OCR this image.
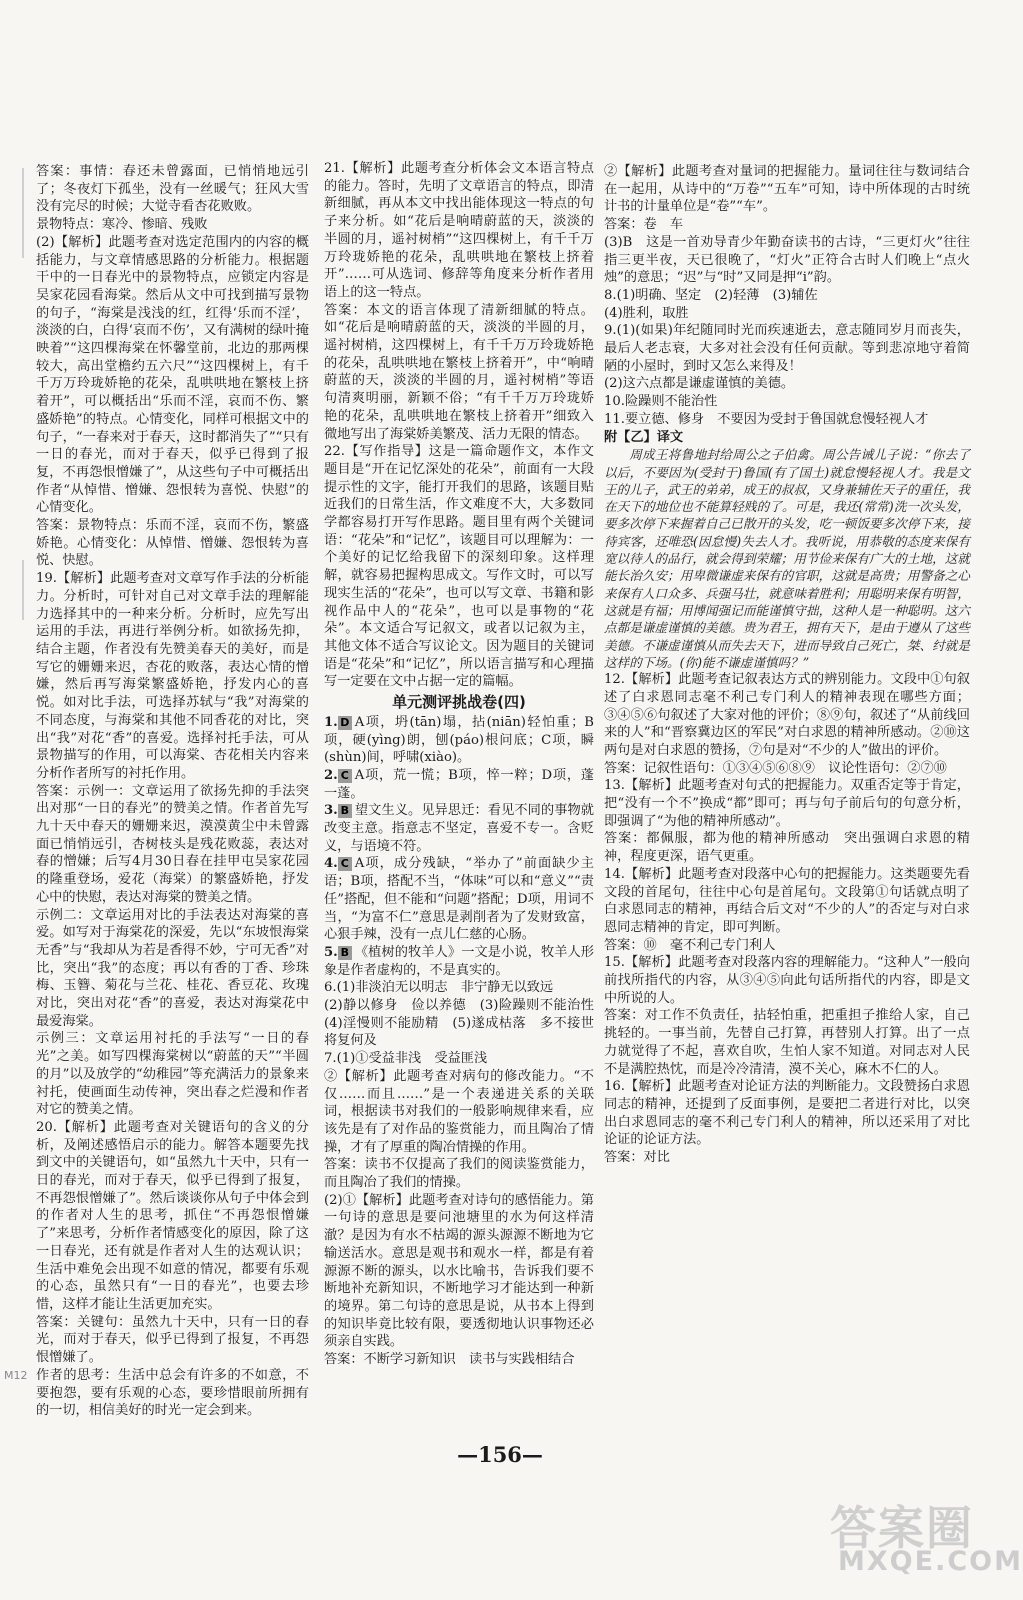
答案：事情：春还未曾露面，已悄悄地远引了；冬夜灯下孤坐，没有一丝暖气；狂风大雪没有完尽的时候；大觉寺看杏花败败。

景物特点：寒冷、惨暗、残败

(2)【解析】此题考查对选定范围内的内容的概括能力，与文章情感思路的分析能力。根据题干中的一日春光中的景物特点，应锁定内容是吴家花园看海棠。然后从文中可找到描写景物的句子，“海棠是浅浅的红，红得‘乐而不淫’，淡淡的白，白得‘哀而不伤’，又有满树的绿叶掩映着”“这四棵海棠在怀馨堂前，北边的那两棵较大，高出堂檐约五六尺”“这四棵树上，有千千万万玲珑娇艳的花朵，乱哄哄地在繁枝上挤着开”，可以概括出“乐而不淫，哀而不伤、繁盛娇艳”的特点。心情变化，同样可根据文中的句子，“一春来对于春天，这时都消失了”“只有一日的春光，而对于春天，似乎已得到了报复，不再怨恨憎嫌了”，从这些句子中可概括出作者“从悼惜、憎嫌、怨恨转为喜悦、快慰”的心情变化。

答案：景物特点：乐而不淫，哀而不伤，繁盛娇艳。心情变化：从悼惜、憎嫌、怨恨转为喜悦、快慰。

19.【解析】此题考查对文章写作手法的分析能力。分析时，可针对自己对文章手法的理解能力选择其中的一种来分析。分析时，应先写出运用的手法，再进行举例分析。如欲扬先抑，结合主题，作者没有先赞美春天的美好，而是写它的姗姗来迟，杏花的败落，表达心情的憎嫌，然后再写海棠繁盛娇艳，抒发内心的喜悦。如对比手法，可选择苏轼与“我”对海棠的不同态度，与海棠和其他不同香花的对比，突出“我”对花“香”的喜爱。选择衬托手法，可从景物描写的作用，可以海棠、杏花相关内容来分析作者所写的衬托作用。

答案：示例一：文章运用了欲扬先抑的手法突出对那“一日的春光”的赞美之情。作者首先写九十天中春天的姗姗来迟，漠漠黄尘中未曾露面已悄悄远引，杏树枝头是残花败蕊，表达对春的憎嫌；后写4月30日春在挂甲屯吴家花园的隆重登场，爱花（海棠）的繁盛娇艳，抒发心中的快慰，表达对海棠的赞美之情。

示例二：文章运用对比的手法表达对海棠的喜爱。如写对于海棠花的深爱，先以“东坡恨海棠无香”与“我却从为若是香得不妙，宁可无香”对比，突出“我”的态度；再以有香的丁香、珍珠梅、玉簪、菊花与兰花、桂花、香豆花、玫瑰对比，突出对花“香”的喜爱，表达对海棠花中最爱海棠。

示例三：文章运用衬托的手法写“一日的春光”之美。如写四棵海棠树以“蔚蓝的天”“半圆的月”以及放学的“幼稚园”等充满活力的景象来衬托，使画面生动传神，突出春之烂漫和作者对它的赞美之情。

20.【解析】此题考查对关键语句的含义的分析，及阐述感悟启示的能力。解答本题要先找到文中的关键语句，如“虽然九十天中，只有一日的春光，而对于春天，似乎已得到了报复，不再怨恨憎嫌了”。然后谈谈你从句子中体会到的作者对人生的思考，抓住“不再怨恨憎嫌了”来思考，分析作者情感变化的原因，除了这一日春光，还有就是作者对人生的达观认识；生活中难免会出现不如意的情况，都要有乐观的心态，虽然只有“一日的春光”，也要去珍惜，这样才能让生活更加充实。

答案：关键句：虽然九十天中，只有一日的春光，而对于春天，似乎已得到了报复，不再怨恨憎嫌了。

作者的思考：生活中总会有许多的不如意，不要抱怨，要有乐观的心态，要珍惜眼前所拥有的一切，相信美好的时光一定会到来。

21.【解析】此题考查分析体会文本语言特点的能力。答时，先明了文章语言的特点，即清新细腻，再从本文中找出能体现这一特点的句子来分析。如“花后是响晴蔚蓝的天，淡淡的半圆的月，遥衬树梢”“这四棵树上，有千千万万玲珑娇艳的花朵，乱哄哄地在繁枝上挤着开”……可从选词、修辞等角度来分析作者用语上的这一特点。

答案：本文的语言体现了清新细腻的特点。如“花后是响晴蔚蓝的天，淡淡的半圆的月，遥衬树梢，这四棵树上，有千千万万玲珑娇艳的花朵，乱哄哄地在繁枝上挤着开”，中“响晴蔚蓝的天，淡淡的半圆的月，遥衬树梢”等语句清爽明丽，新颖不俗；“有千千万万玲珑娇艳的花朵，乱哄哄地在繁枝上挤着开”细致入微地写出了海棠娇美繁茂、活力无限的情态。

22.【写作指导】这是一篇命题作文，本作文题目是“开在记忆深处的花朵”，前面有一大段提示性的文字，能打开我们的思路，该题目贴近我们的日常生活，作文难度不大，大多数同学都容易打开写作思路。题目里有两个关键词语：“花朵”和“记忆”，该题目可以理解为：一个美好的记忆给我留下的深刻印象。这样理解，就容易把握构思成文。写作文时，可以写现实生活的“花朵”，也可以写文章、书籍和影视作品中人的“花朵”，也可以是事物的“花朵”。本文适合写记叙文，或者以记叙为主，其他文体不适合写议论文。因为题目的关键词语是“花朵”和“记忆”，所以语言描写和心理描写一定要在文中占据一定的篇幅。

单元测评挑战卷(四)

1. D A项，坍(tān)塌，拈(niān)轻怕重；B项，硬(yìng)朗，刨(páo)根问底；C项，瞬(shùn)间，呼啸(xiào)。

2. C A项，荒一慌；B项，悴一粹；D项，蓬一蓬。

3. B 望文生义。见异思迁：看见不同的事物就改变主意。指意志不坚定，喜爱不专一。含贬义，与语境不符。

4. C A项，成分残缺，“举办了”前面缺少主语；B项，搭配不当，“体味”可以和“意义”“责任”搭配，但不能和“问题”搭配；D项，用词不当，“为富不仁”意思是剥削者为了发财致富，心狠手辣，没有一点儿仁慈的心肠。

5. B 《植树的牧羊人》一文是小说，牧羊人形象是作者虚构的，不是真实的。

6.(1)非淡泊无以明志　非宁静无以致远

(2)静以修身　俭以养德　(3)险躁则不能治性　(4)淫慢则不能励精　(5)遂成枯落　多不接世　将复何及

7.(1)①受益非浅　受益匪浅

②【解析】此题考查对病句的修改能力。“不仅……而且……”是一个表递进关系的关联词，根据读书对我们的一般影响规律来看，应该先是有了对作品的鉴赏能力，而且陶冶了情操，才有了厚重的陶冶情操的作用。

答案：读书不仅提高了我们的阅读鉴赏能力，而且陶冶了我们的情操。

(2)①【解析】此题考查对诗句的感悟能力。第一句诗的意思是要问池塘里的水为何这样清澈？是因为有水不枯竭的源头源源不断地为它输送活水。意思是观书和观水一样，都是有着源源不断的源头，以水比喻书，告诉我们要不断地补充新知识，不断地学习才能达到一种新的境界。第二句诗的意思是说，从书本上得到的知识毕竟比较有限，要透彻地认识事物还必须亲自实践。

答案：不断学习新知识　读书与实践相结合

②【解析】此题考查对量词的把握能力。量词往往与数词结合在一起用，从诗中的“万卷”“五车”可知，诗中所体现的古时统计书的计量单位是“卷”“车”。

答案：卷　车

(3)B　这是一首劝导青少年勤奋读书的古诗，“三更灯火”往往指三更半夜，天已很晚了，“灯火”正符合古时人们晚上“点火烛”的意思；“迟”与“时”又同是押“i”韵。

8.(1)明确、坚定　(2)轻薄　(3)辅佐

(4)胜利，取胜

9.(1)(如果)年纪随同时光而疾速逝去，意志随同岁月而丧失，最后人老志衰，大多对社会没有任何贡献。等到悲凉地守着简陋的小屋时，到时又怎么来得及！

(2)这六点都是谦虚谨慎的美德。

10.险躁则不能治性

11.要立德、修身　不要因为受封于鲁国就怠慢轻视人才

附【乙】译文

周成王将鲁地封给周公之子伯禽。周公告诫儿子说：“你去了以后，不要因为(受封于)鲁国(有了国土)就怠慢轻视人才。我是文王的儿子，武王的弟弟，成王的叔叔，又身兼辅佐天子的重任，我在天下的地位也不能算轻贱的了。可是，我还(常常)洗一次头发，要多次停下来握着自己已散开的头发，吃一顿饭要多次停下来，接待宾客，还唯恐(因怠慢)失去人才。我听说，用恭敬的态度来保有宽以待人的品行，就会得到荣耀；用节俭来保有广大的土地，这就能长治久安；用卑微谦虚来保有的官职，这就是高贵；用警备之心来保有人口众多、兵强马壮，就意味着胜利；用聪明来保有明智，这就是有福；用博闻强记而能谨慎守拙，这种人是一种聪明。这六点都是谦虚谨慎的美德。贵为君王，拥有天下，是由于遵从了这些美德。不谦虚谨慎从而失去天下，进而导致自己死亡，桀、纣就是这样的下场。(你)能不谦虚谨慎吗？”

12.【解析】此题考查记叙表达方式的辨别能力。文段中①句叙述了白求恩同志毫不利己专门利人的精神表现在哪些方面；③④⑤⑥句叙述了大家对他的评价；⑧⑨句，叙述了“从前线回来的人”和“晋察冀边区的军民”对白求恩的精神所感动。②⑩这两句是对白求恩的赞扬，⑦句是对“不少的人”做出的评价。

答案：记叙性语句：①③④⑤⑥⑧⑨　议论性语句：②⑦⑩

13.【解析】此题考查对句式的把握能力。双重否定等于肯定，把“没有一个不”换成“都”即可；再与句子前后句的句意分析，即强调了“为他的精神所感动”。

答案：都佩服，都为他的精神所感动　突出强调白求恩的精神，程度更深，语气更重。

14.【解析】此题考查对段落中心句的把握能力。这类题要先看文段的首尾句，往往中心句是首尾句。文段第①句话就点明了白求恩同志的精神，再结合后文对“不少的人”的否定与对白求恩同志精神的肯定，即可判断。

答案：⑩　毫不利己专门利人

15.【解析】此题考查对段落内容的理解能力。“这种人”一般向前找所指代的内容，从③④⑤向此句话所指代的内容，即是文中所说的人。

答案：对工作不负责任，拈轻怕重，把重担子推给人家，自己挑轻的。一事当前，先替自己打算，再替别人打算。出了一点力就觉得了不起，喜欢自吹，生怕人家不知道。对同志对人民不是满腔热忱，而是冷冷清清，漠不关心，麻木不仁的人。

16.【解析】此题考查对论证方法的判断能力。文段赞扬白求恩同志的精神，还提到了反面事例，是要把二者进行对比，以突出白求恩同志的毫不利己专门利人的精神，所以还采用了对比论证的论证方法。

答案：对比

—156—
M12
答案圈
MXQE.COM
